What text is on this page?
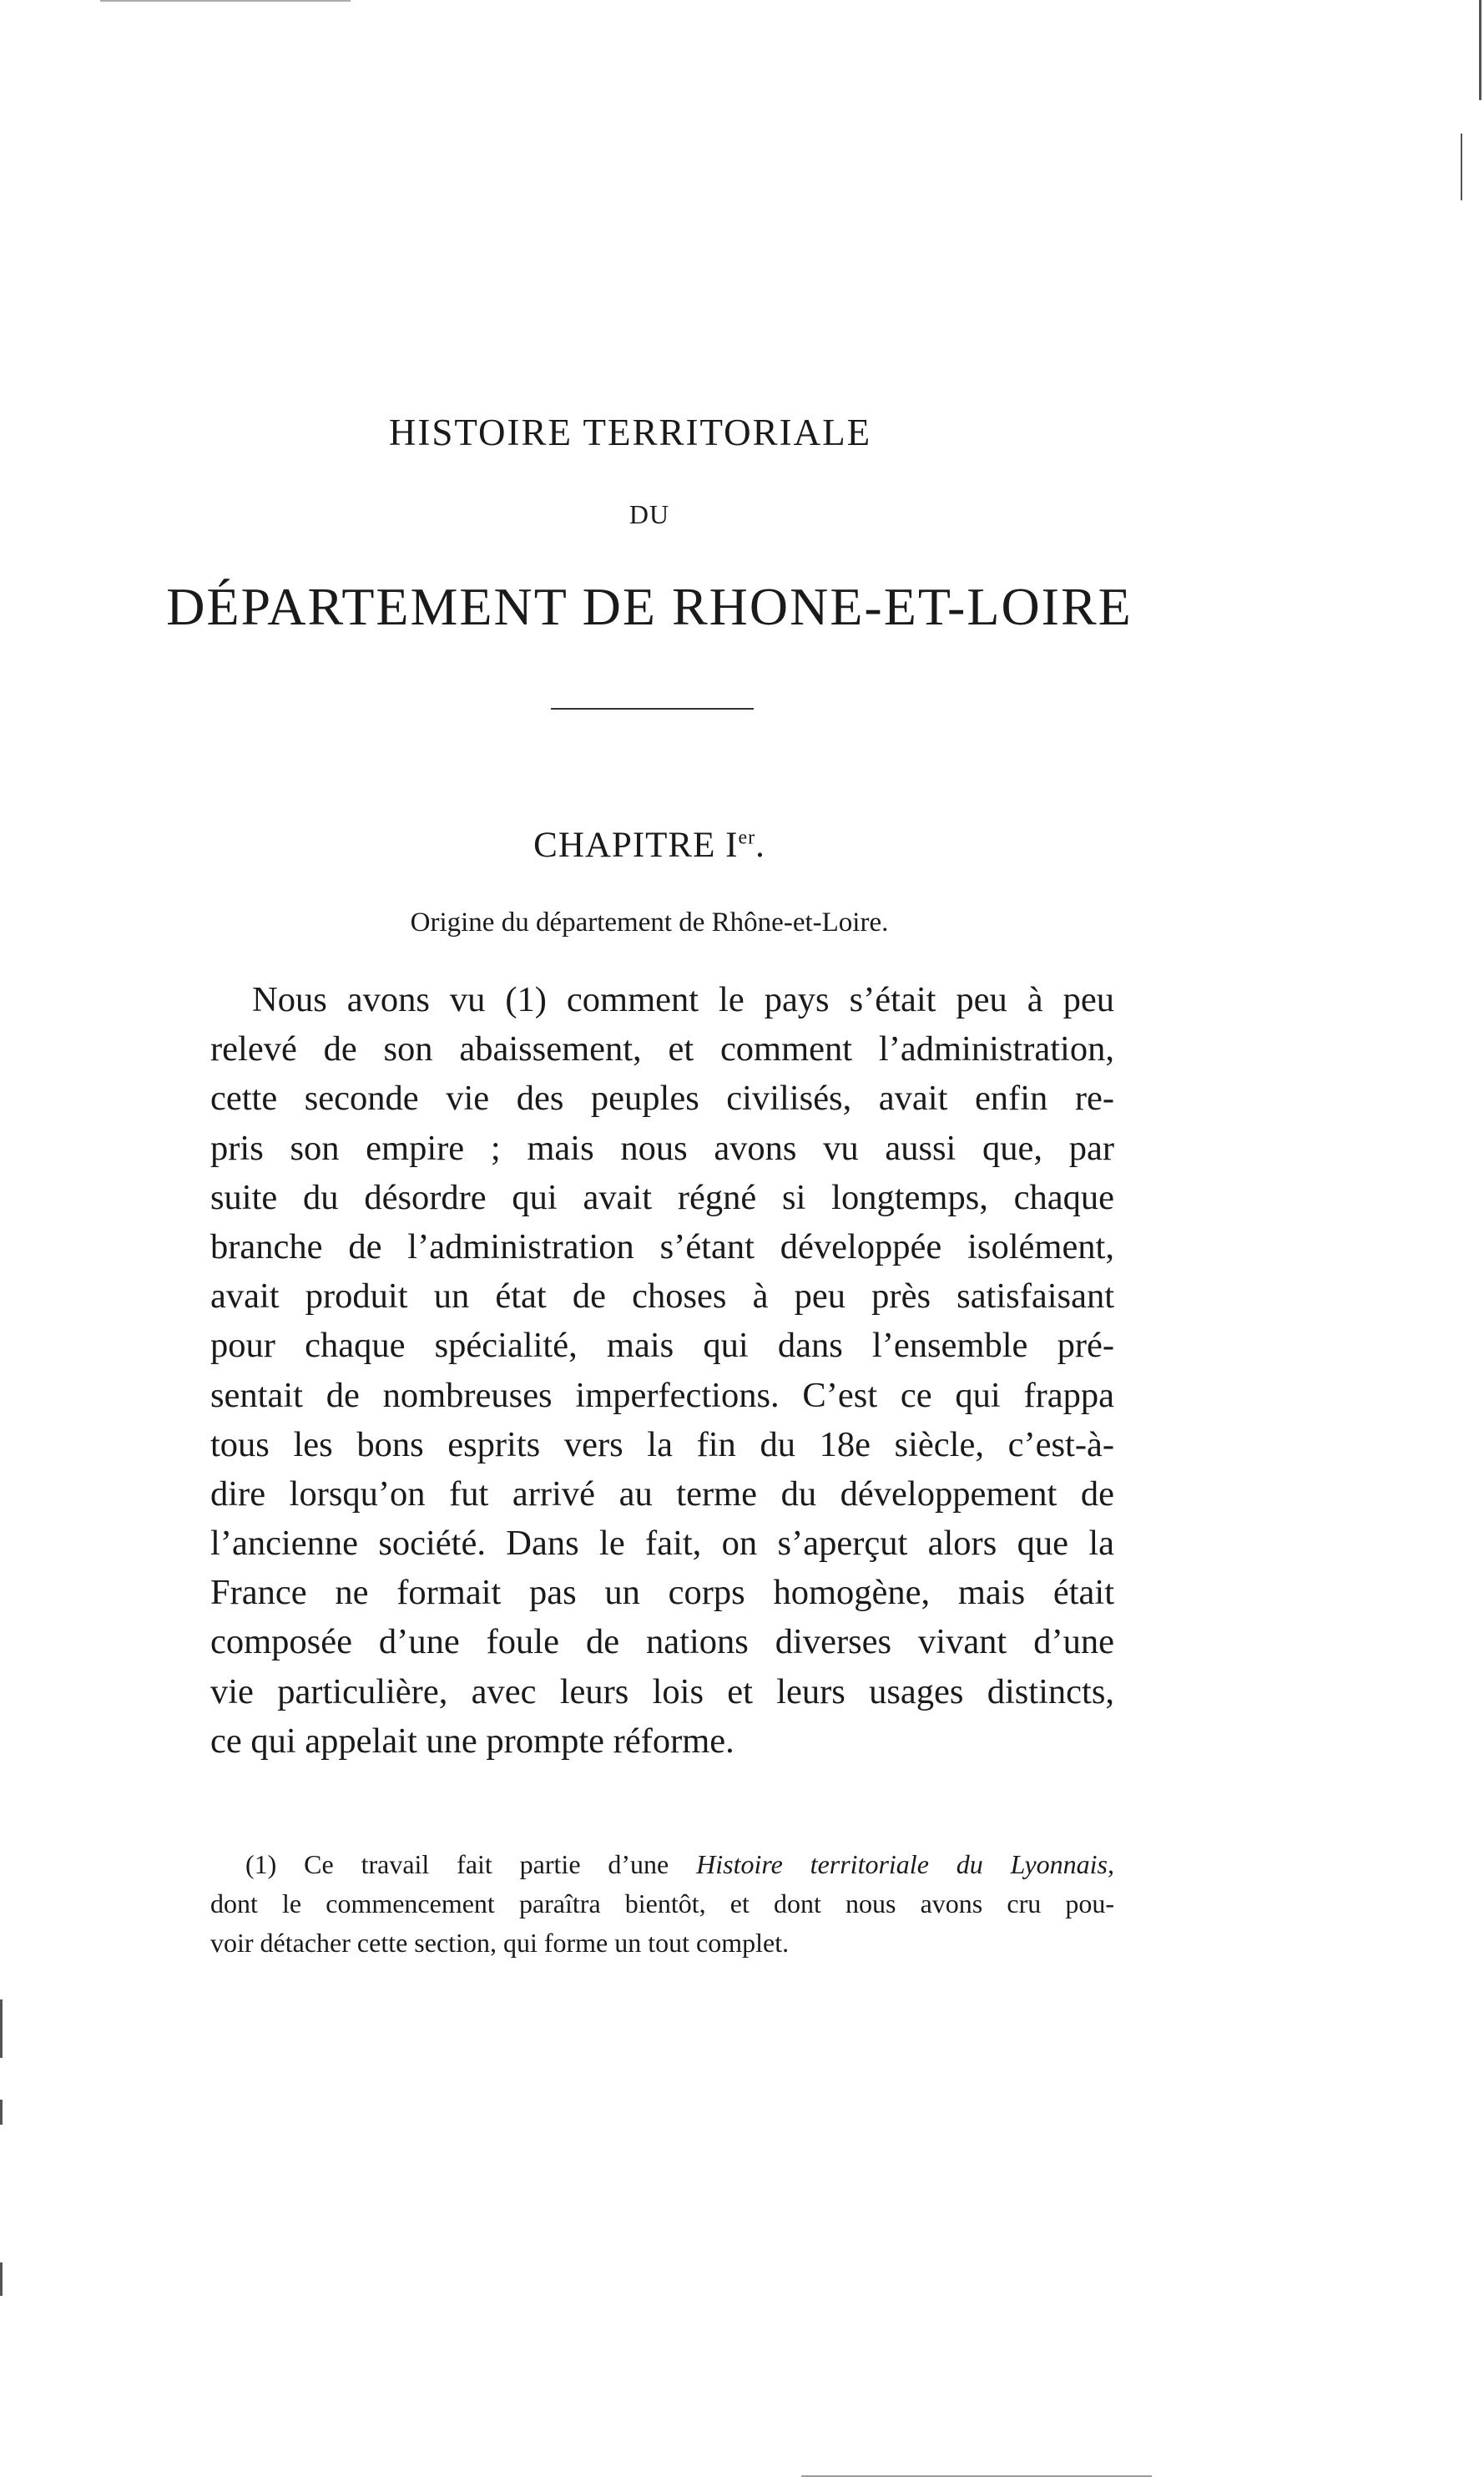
HISTOIRE TERRITORIALE
DU
DÉPARTEMENT DE RHONE-ET-LOIRE
CHAPITRE Ier.
Origine du département de Rhône-et-Loire.
Nous avons vu (1) comment le pays s’était peu à peu
relevé de son abaissement, et comment l’administration,
cette seconde vie des peuples civilisés, avait enfin re-
pris son empire ; mais nous avons vu aussi que, par
suite du désordre qui avait régné si longtemps, chaque
branche de l’administration s’étant développée isolément,
avait produit un état de choses à peu près satisfaisant
pour chaque spécialité, mais qui dans l’ensemble pré-
sentait de nombreuses imperfections. C’est ce qui frappa
tous les bons esprits vers la fin du 18e siècle, c’est-à-
dire lorsqu’on fut arrivé au terme du développement de
l’ancienne société. Dans le fait, on s’aperçut alors que la
France ne formait pas un corps homogène, mais était
composée d’une foule de nations diverses vivant d’une
vie particulière, avec leurs lois et leurs usages distincts,
ce qui appelait une prompte réforme.
(1) Ce travail fait partie d’une Histoire territoriale du Lyonnais,
dont le commencement paraîtra bientôt, et dont nous avons cru pou-
voir détacher cette section, qui forme un tout complet.
